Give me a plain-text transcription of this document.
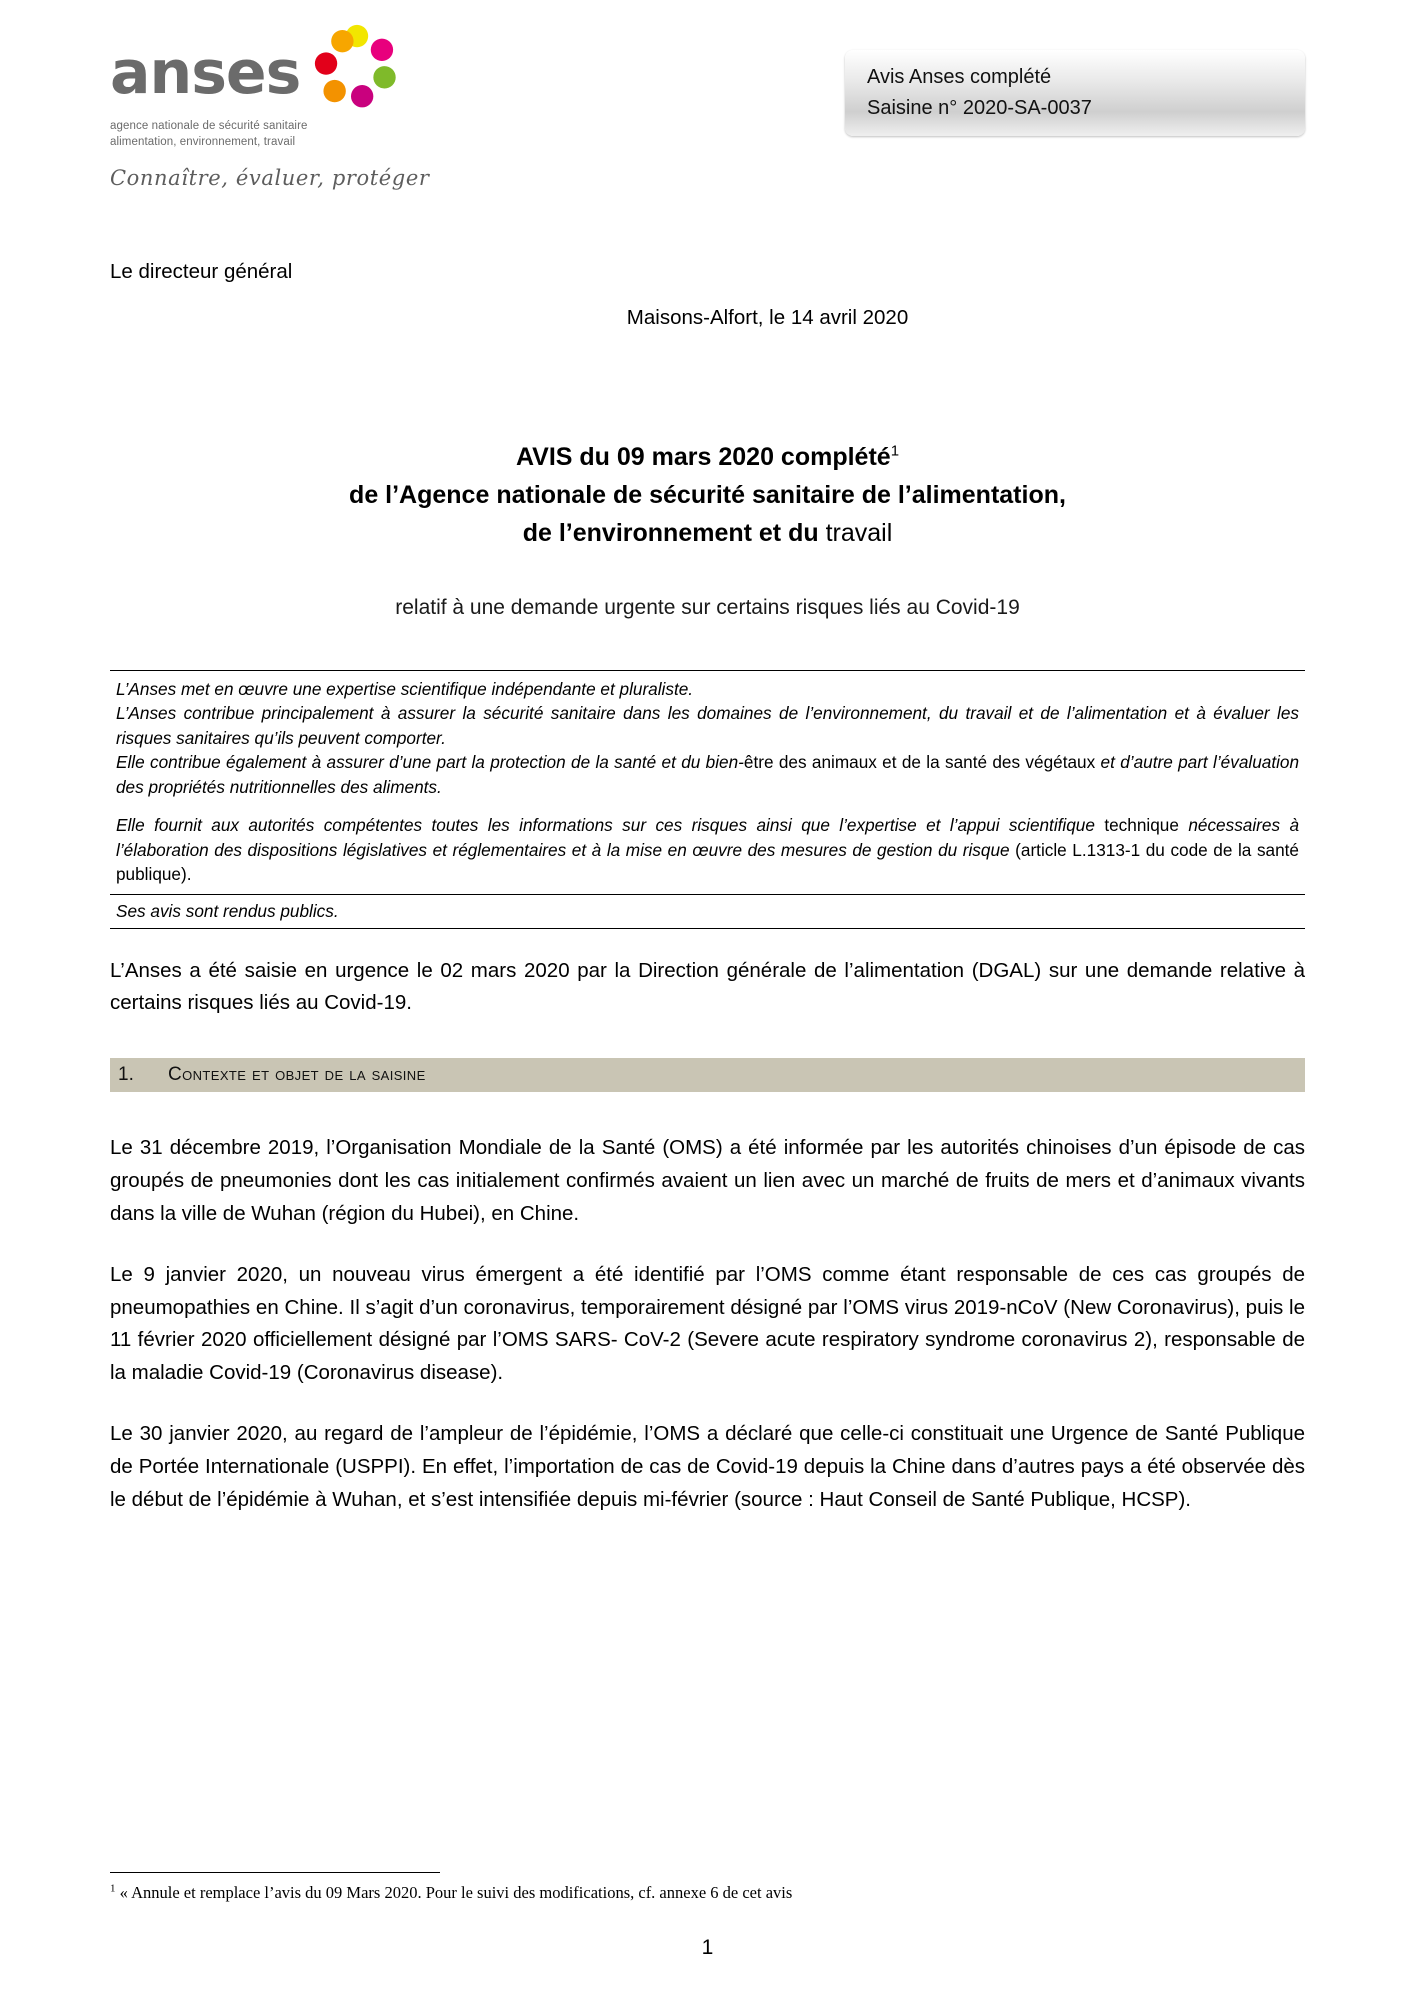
anses
agence nationale de sécurité sanitaire
alimentation, environnement, travail
Connaître, évaluer, protéger
Avis Anses complété
Saisine n° 2020-SA-0037
Le directeur général
Maisons-Alfort, le 14 avril 2020
AVIS du 09 mars 2020 complété$^1$
de l’Agence nationale de sécurité sanitaire de l’alimentation,
de l’environnement et du travail
relatif à une demande urgente sur certains risques liés au Covid-19

L’Anses met en œuvre une expertise scientifique indépendante et pluraliste.

L’Anses contribue principalement à assurer la sécurité sanitaire dans les domaines de l’environnement, du travail et de l’alimentation et à évaluer les risques sanitaires qu’ils peuvent comporter.

Elle contribue également à assurer d’une part la protection de la santé et du bien-être des animaux et de la santé des végétaux et d’autre part l’évaluation des propriétés nutritionnelles des aliments.

Elle fournit aux autorités compétentes toutes les informations sur ces risques ainsi que l’expertise et l’appui scientifique technique nécessaires à l’élaboration des dispositions législatives et réglementaires et à la mise en œuvre des mesures de gestion du risque (article L.1313-1 du code de la santé publique).

Ses avis sont rendus publics.

L’Anses a été saisie en urgence le 02 mars 2020 par la Direction générale de l’alimentation (DGAL) sur une demande relative à certains risques liés au Covid-19.
1.	Contexte et objet de la saisine
Le 31 décembre 2019, l’Organisation Mondiale de la Santé (OMS) a été informée par les autorités chinoises d’un épisode de cas groupés de pneumonies dont les cas initialement confirmés avaient un lien avec un marché de fruits de mers et d’animaux vivants dans la ville de Wuhan (région du Hubei), en Chine.
Le 9 janvier 2020, un nouveau virus émergent a été identifié par l’OMS comme étant responsable de ces cas groupés de pneumopathies en Chine. Il s’agit d’un coronavirus, temporairement désigné par l’OMS virus 2019-nCoV (New Coronavirus), puis le 11 février 2020 officiellement désigné par l’OMS SARS- CoV-2 (Severe acute respiratory syndrome coronavirus 2), responsable de la maladie Covid-19 (Coronavirus disease).
Le 30 janvier 2020, au regard de l’ampleur de l’épidémie, l’OMS a déclaré que celle-ci constituait une Urgence de Santé Publique de Portée Internationale (USPPI). En effet, l’importation de cas de Covid-19 depuis la Chine dans d’autres pays a été observée dès le début de l’épidémie à Wuhan, et s’est intensifiée depuis mi-février (source : Haut Conseil de Santé Publique, HCSP).
$^1$ « Annule et remplace l’avis du 09 Mars 2020. Pour le suivi des modifications, cf. annexe 6 de cet avis
1
